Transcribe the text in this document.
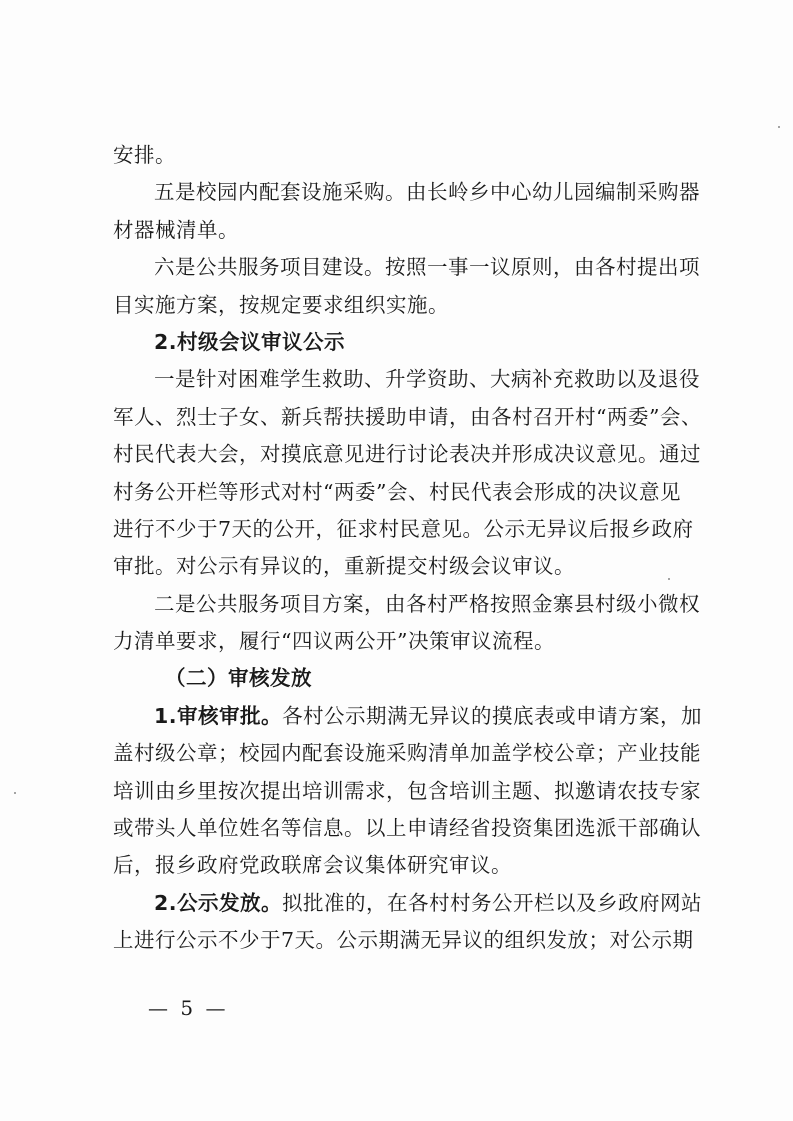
安排。
五是校园内配套设施采购。由长岭乡中心幼儿园编制采购器
材器械清单。
六是公共服务项目建设。按照一事一议原则，由各村提出项
目实施方案，按规定要求组织实施。
2.村级会议审议公示
一是针对困难学生救助、升学资助、大病补充救助以及退役
军人、烈士子女、新兵帮扶援助申请，由各村召开村“两委”会、
村民代表大会，对摸底意见进行讨论表决并形成决议意见。通过
村务公开栏等形式对村“两委”会、村民代表会形成的决议意见
进行不少于7天的公开，征求村民意见。公示无异议后报乡政府
审批。对公示有异议的，重新提交村级会议审议。
二是公共服务项目方案，由各村严格按照金寨县村级小微权
力清单要求，履行“四议两公开”决策审议流程。
（二）审核发放
1.审核审批。各村公示期满无异议的摸底表或申请方案，加
盖村级公章；校园内配套设施采购清单加盖学校公章；产业技能
培训由乡里按次提出培训需求，包含培训主题、拟邀请农技专家
或带头人单位姓名等信息。以上申请经省投资集团选派干部确认
后，报乡政府党政联席会议集体研究审议。
2.公示发放。拟批准的，在各村村务公开栏以及乡政府网站
上进行公示不少于7天。公示期满无异议的组织发放；对公示期
— 5 —
